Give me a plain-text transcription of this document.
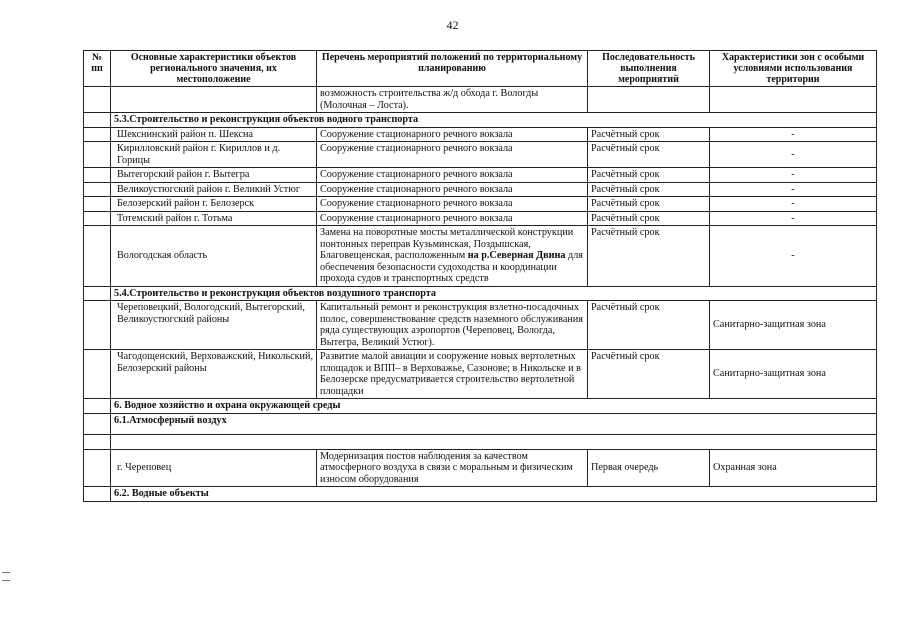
42
№ пп	Основные характеристики объектов регионального значения, их местоположение	Перечень мероприятий положений по территориальному планированию	Последовательность выполнения мероприятий	Характеристики зон с особыми условиями использования территории
		возможность строительства ж/д обхода г. Вологды (Молочная – Лоста).		
	5.3.Строительство и реконструкция объектов водного транспорта			
	Шекснинский район п. Шексна	Сооружение стационарного речного вокзала	Расчётный срок	-
	Кирилловский район г. Кириллов и д. Горицы	Сооружение стационарного речного вокзала	Расчётный срок	-
	Вытегорский район г. Вытегра	Сооружение стационарного речного вокзала	Расчётный срок	-
	Великоустюгский район г. Великий Устюг	Сооружение стационарного речного вокзала	Расчётный срок	-
	Белозерский район г. Белозерск	Сооружение стационарного речного вокзала	Расчётный срок	-
	Тотемский район г. Тотьма	Сооружение стационарного речного вокзала	Расчётный срок	-
	Вологодская область	Замена на поворотные мосты металлической конструкции понтонных переправ Кузьминская, Поздышская, Благовещенская, расположенным на р.Северная Двина для обеспечения безопасности судоходства и координации прохода судов и транспортных средств	Расчётный срок	-
	5.4.Строительство и реконструкция объектов воздушного транспорта			
	Череповецкий, Вологодский, Вытегорский, Великоустюгский районы	Капитальный ремонт и реконструкция взлетно-посадочных полос, совершенствование средств наземного обслуживания ряда существующих аэропортов (Череповец, Вологда, Вытегра, Великий Устюг).	Расчётный срок	Санитарно-защитная зона
	Чагодощенский, Верховажский, Никольский, Белозерский районы	Развитие малой авиации и сооружение новых вертолетных площадок и ВПП– в Верховажье, Сазонове; в Никольске и в Белозерске предусматривается строительство вертолетной площадки	Расчётный срок	Санитарно-защитная зона
	6. Водное хозяйство и охрана окружающей среды			
	6.1.Атмосферный воздух			

	г. Череповец	Модернизация постов наблюдения за качеством атмосферного воздуха в связи с моральным и физическим износом оборудования	Первая очередь	Охранная зона
	6.2. Водные объекты			
